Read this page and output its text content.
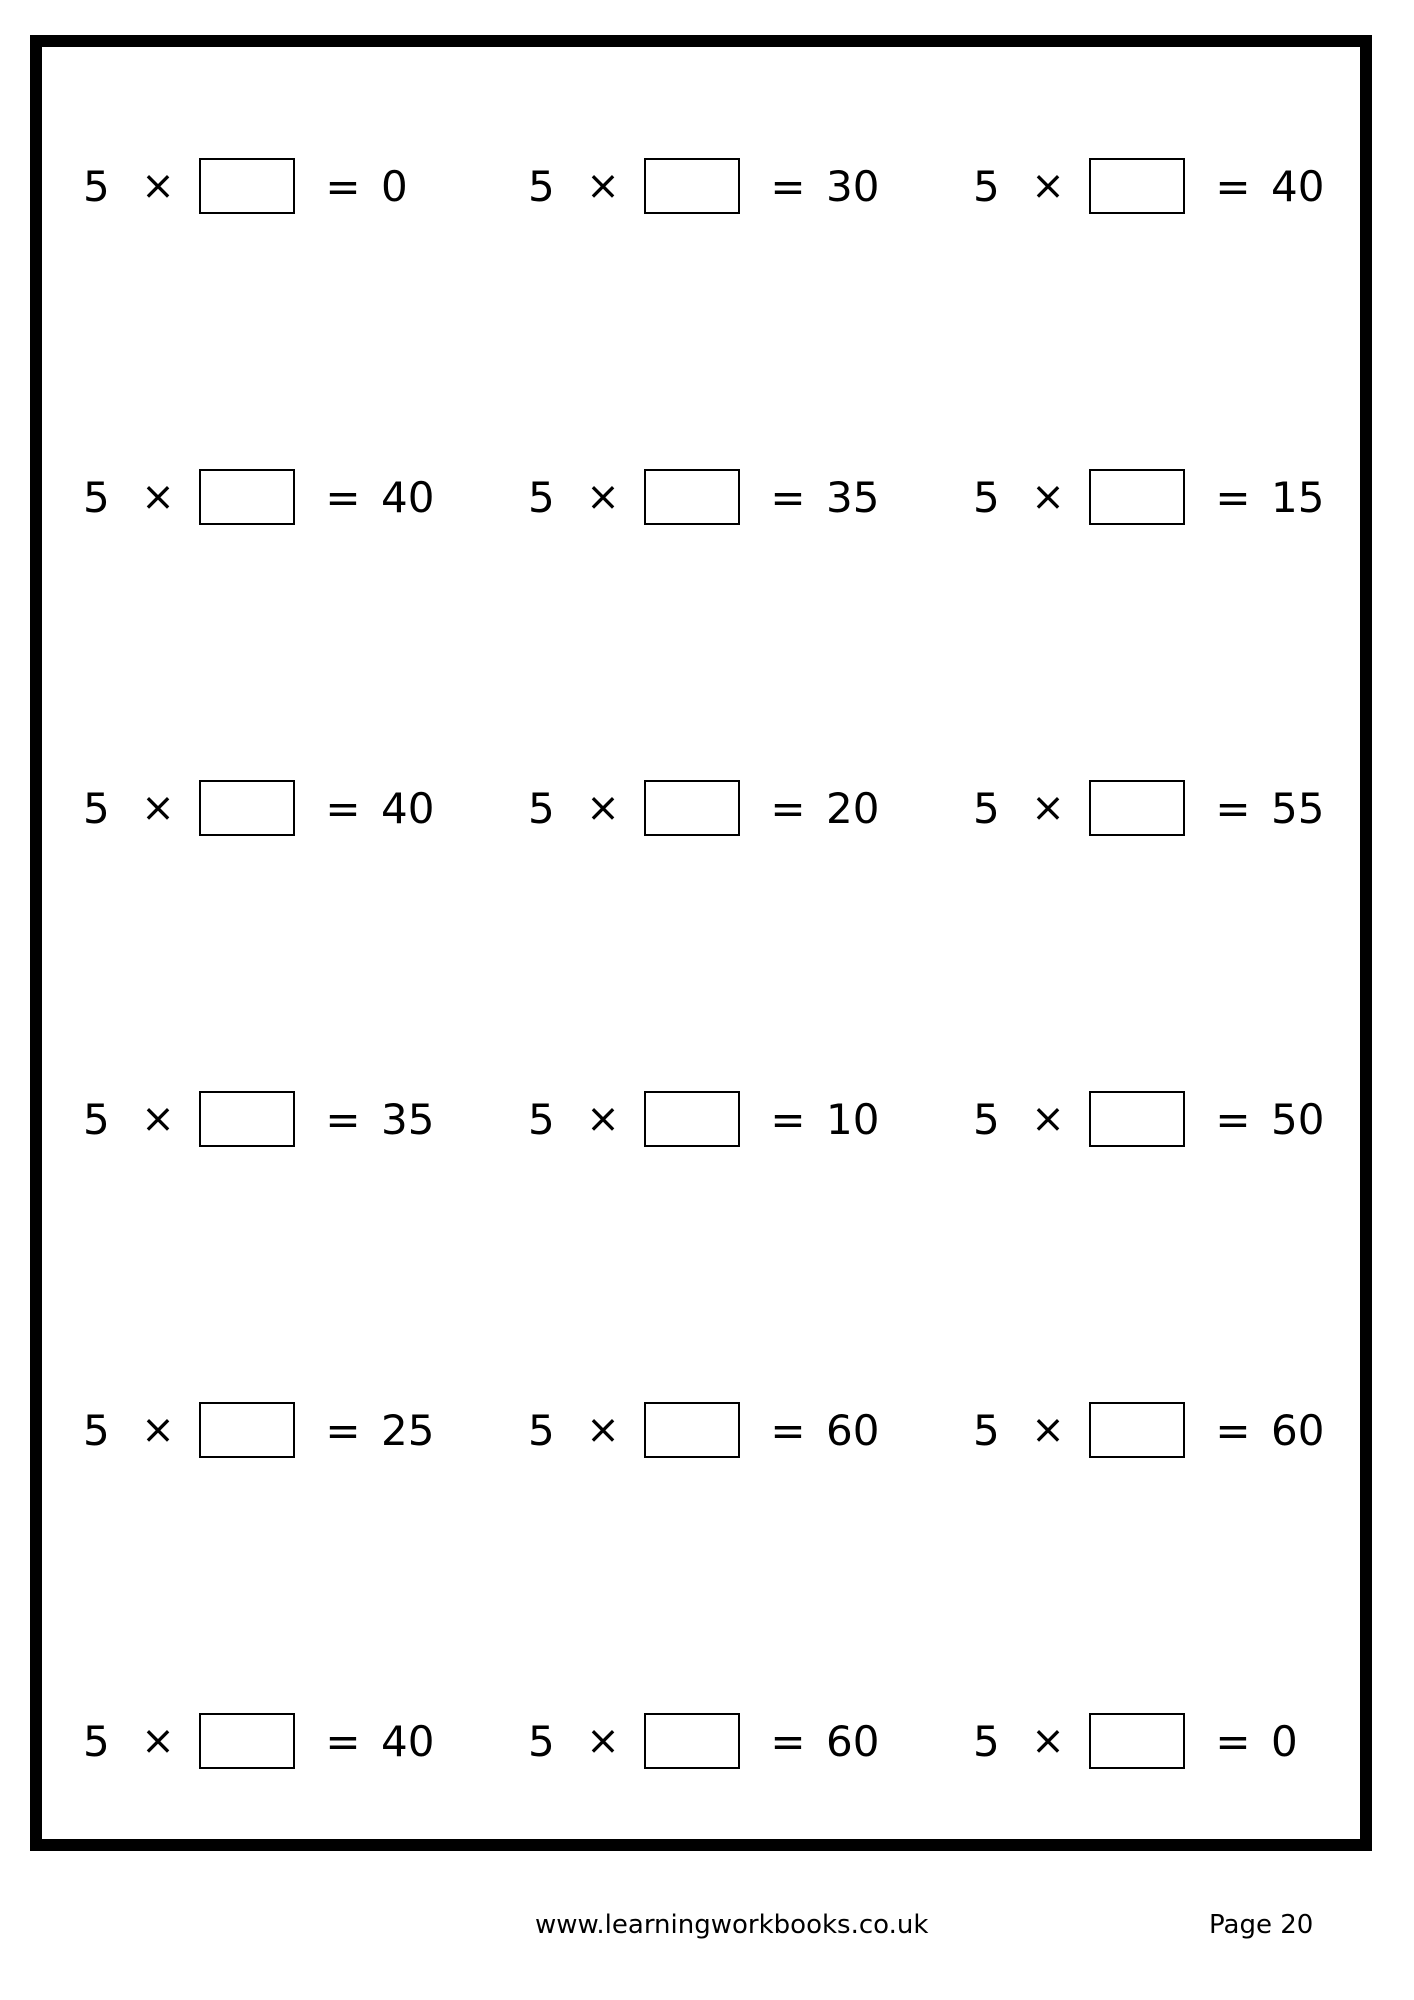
5 ×	= 0	5 ×	= 30	5 ×	= 40
5 ×	= 40	5 ×	= 35	5 ×	= 15
5 ×	= 40	5 ×	= 20	5 ×	= 55
5 ×	= 35	5 ×	= 10	5 ×	= 50
5 ×	= 25	5 ×	= 60	5 ×	= 60
5 ×	= 40	5 ×	= 60	5 ×	= 0
www.learningworkbooks.co.uk	Page 20
